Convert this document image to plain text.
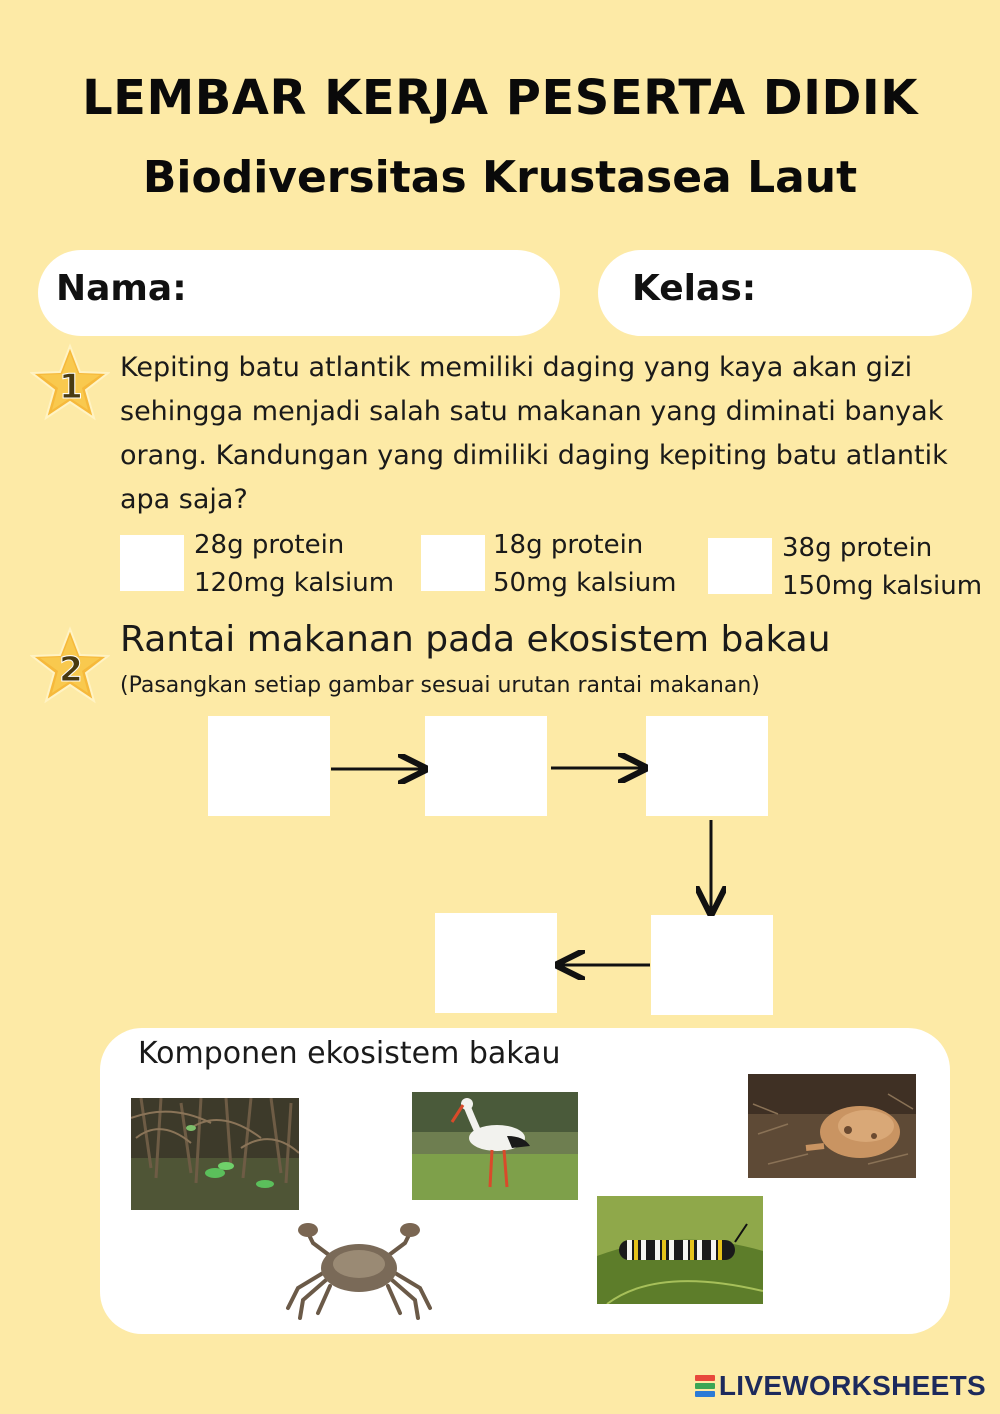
LEMBAR KERJA PESERTA DIDIK
Biodiversitas Krustasea Laut
Nama:	Kelas:
1 Kepiting batu atlantik memiliki daging yang kaya akan gizi sehingga menjadi salah satu makanan yang diminati banyak orang. Kandungan yang dimiliki daging kepiting batu atlantik apa saja?
28g protein
120mg kalsium
18g protein
50mg kalsium
38g protein
150mg kalsium
2
Rantai makanan pada ekosistem bakau
(Pasangkan setiap gambar sesuai urutan rantai makanan)
Komponen ekosistem bakau
LIVEWORKSHEETS
